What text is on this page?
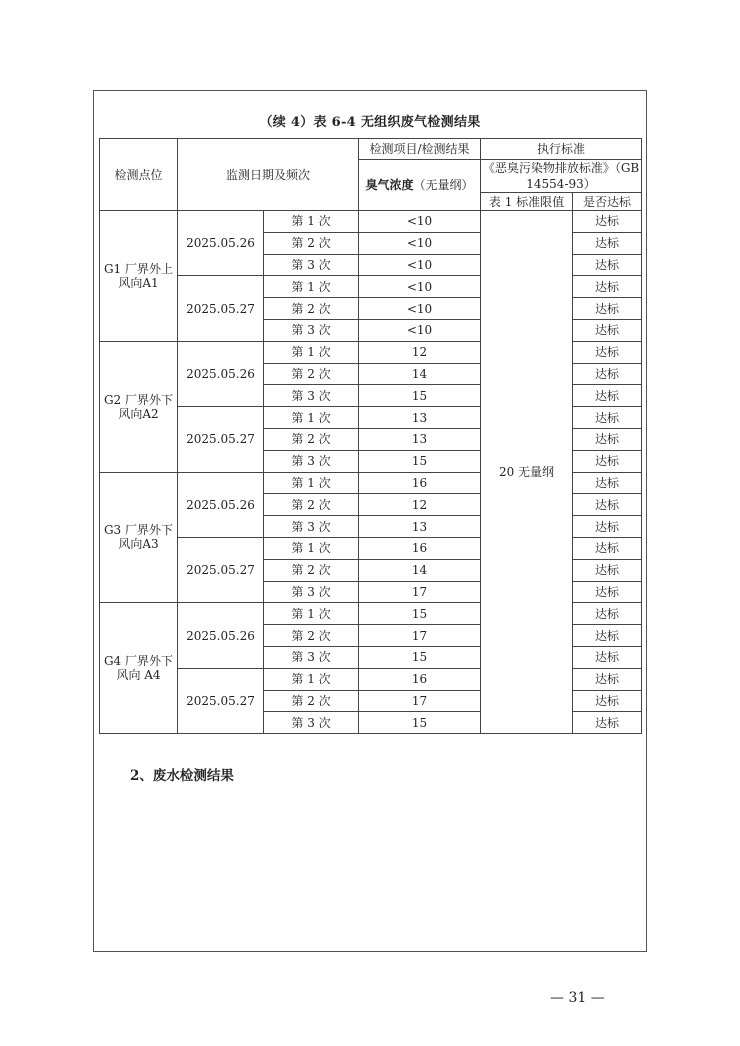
（续 4）表 6-4 无组织废气检测结果
检测点位	监测日期及频次		检测项目/检测结果	执行标准	
			臭气浓度（无量纲）	《恶臭污染物排放标准》（GB 14554-93）	
				表 1 标准限值	是否达标
G1 厂界外上风向A1	2025.05.26	第 1 次	<10	20 无量纲	达标
		第 2 次	<10		达标
		第 3 次	<10		达标
	2025.05.27	第 1 次	<10		达标
		第 2 次	<10		达标
		第 3 次	<10		达标
G2 厂界外下风向A2	2025.05.26	第 1 次	12		达标
		第 2 次	14		达标
		第 3 次	15		达标
	2025.05.27	第 1 次	13		达标
		第 2 次	13		达标
		第 3 次	15		达标
G3 厂界外下风向A3	2025.05.26	第 1 次	16		达标
		第 2 次	12		达标
		第 3 次	13		达标
	2025.05.27	第 1 次	16		达标
		第 2 次	14		达标
		第 3 次	17		达标
G4 厂界外下风向 A4	2025.05.26	第 1 次	15		达标
		第 2 次	17		达标
		第 3 次	15		达标
	2025.05.27	第 1 次	16		达标
		第 2 次	17		达标
		第 3 次	15		达标
2、废水检测结果
— 31 —
